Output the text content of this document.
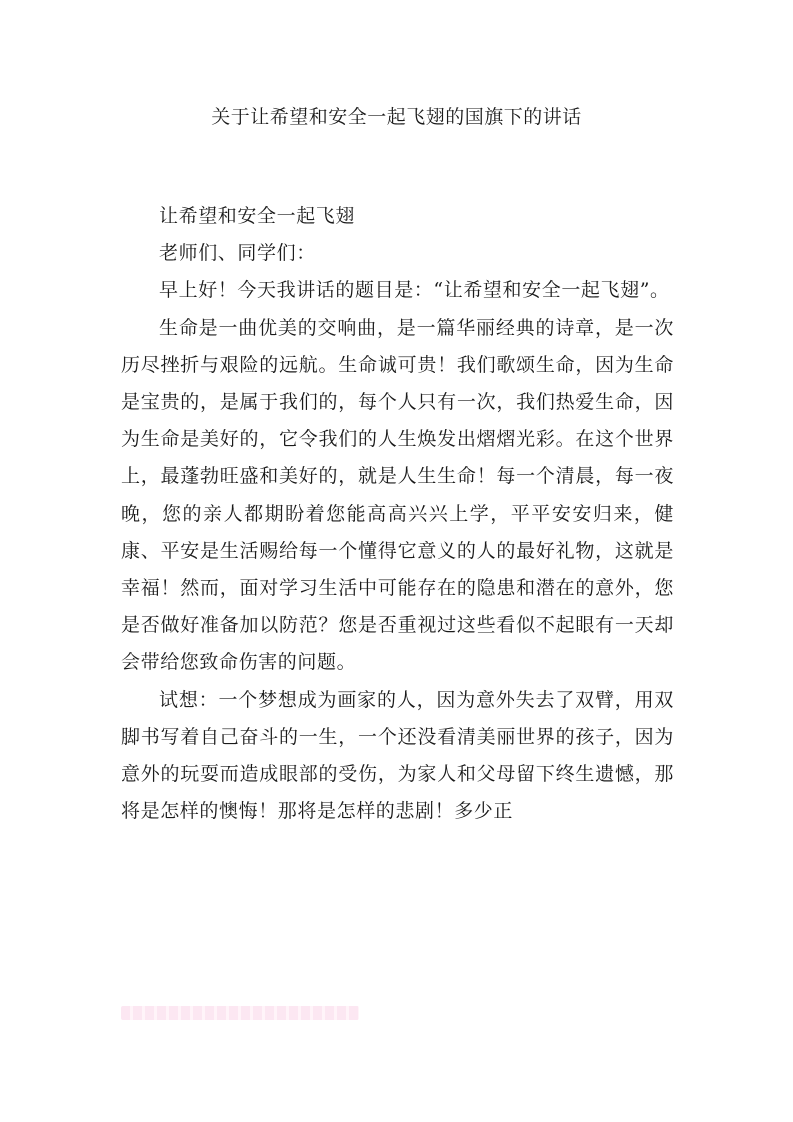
关于让希望和安全一起飞翅的国旗下的讲话

让希望和安全一起飞翅

老师们、同学们：

早上好！今天我讲话的题目是：“让希望和安全一起飞翅”。

生命是一曲优美的交响曲，是一篇华丽经典的诗章，是一次历尽挫折与艰险的远航。生命诚可贵！我们歌颂生命，因为生命是宝贵的，是属于我们的，每个人只有一次，我们热爱生命，因为生命是美好的，它令我们的人生焕发出熠熠光彩。在这个世界上，最蓬勃旺盛和美好的，就是人生生命！每一个清晨，每一夜晚，您的亲人都期盼着您能高高兴兴上学，平平安安归来，健康、平安是生活赐给每一个懂得它意义的人的最好礼物，这就是幸福！然而，面对学习生活中可能存在的隐患和潜在的意外，您是否做好准备加以防范？您是否重视过这些看似不起眼有一天却会带给您致命伤害的问题。

试想：一个梦想成为画家的人，因为意外失去了双臂，用双脚书写着自己奋斗的一生，一个还没看清美丽世界的孩子，因为意外的玩耍而造成眼部的受伤，为家人和父母留下终生遗憾，那将是怎样的懊悔！那将是怎样的悲剧！多少正
